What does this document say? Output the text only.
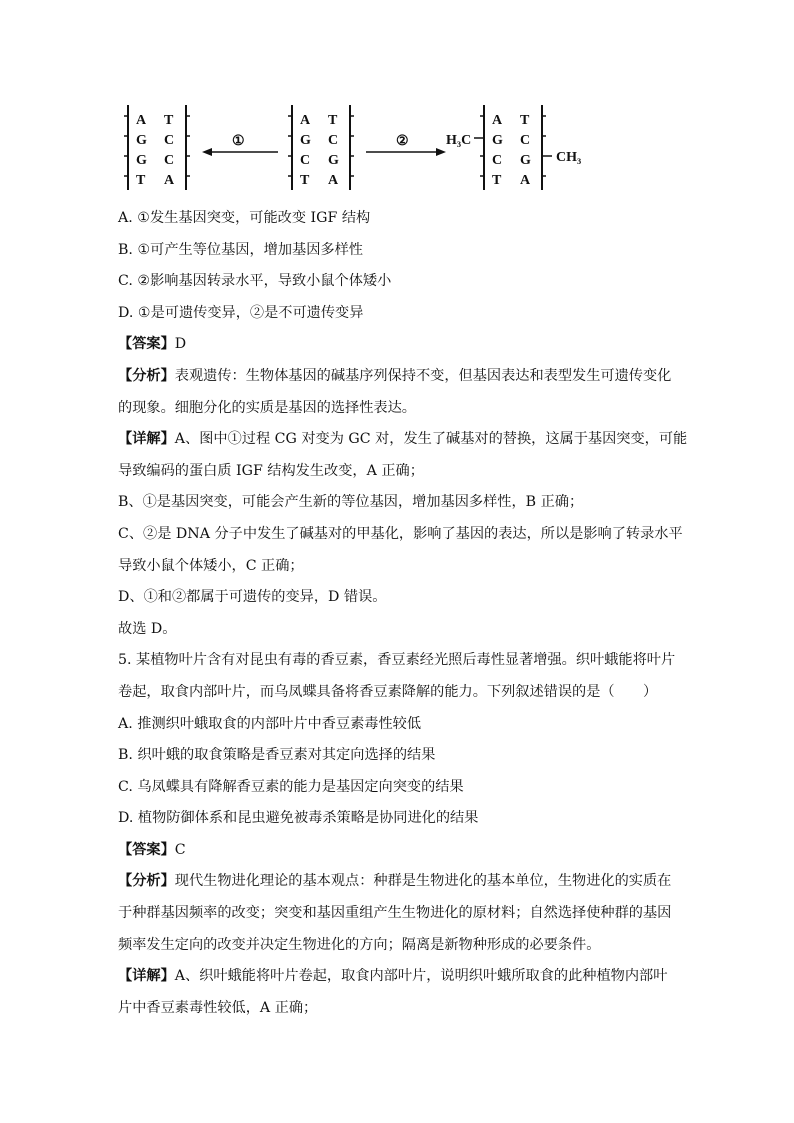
A T
G C
G C
T A
①
A T
G C
C G
T A
②	H₃C
CH₃
A T
G C
C G
T A
A. ①发生基因突变，可能改变 IGF 结构
B. ①可产生等位基因，增加基因多样性
C. ②影响基因转录水平，导致小鼠个体矮小
D. ①是可遗传变异，②是不可遗传变异
【答案】D
【分析】表观遗传：生物体基因的碱基序列保持不变，但基因表达和表型发生可遗传变化
的现象。细胞分化的实质是基因的选择性表达。
【详解】A、图中①过程 CG 对变为 GC 对，发生了碱基对的替换，这属于基因突变，可能
导致编码的蛋白质 IGF 结构发生改变，A 正确；
B、①是基因突变，可能会产生新的等位基因，增加基因多样性，B 正确；
C、②是 DNA 分子中发生了碱基对的甲基化，影响了基因的表达，所以是影响了转录水平
导致小鼠个体矮小，C 正确；
D、①和②都属于可遗传的变异，D 错误。
故选 D。
5. 某植物叶片含有对昆虫有毒的香豆素，香豆素经光照后毒性显著增强。织叶蛾能将叶片
卷起，取食内部叶片，而乌凤蝶具备将香豆素降解的能力。下列叙述错误的是（　　）
A. 推测织叶蛾取食的内部叶片中香豆素毒性较低
B. 织叶蛾的取食策略是香豆素对其定向选择的结果
C. 乌凤蝶具有降解香豆素的能力是基因定向突变的结果
D. 植物防御体系和昆虫避免被毒杀策略是协同进化的结果
【答案】C
【分析】现代生物进化理论的基本观点：种群是生物进化的基本单位，生物进化的实质在
于种群基因频率的改变；突变和基因重组产生生物进化的原材料；自然选择使种群的基因
频率发生定向的改变并决定生物进化的方向；隔离是新物种形成的必要条件。
【详解】A、织叶蛾能将叶片卷起，取食内部叶片，说明织叶蛾所取食的此种植物内部叶
片中香豆素毒性较低，A 正确；
